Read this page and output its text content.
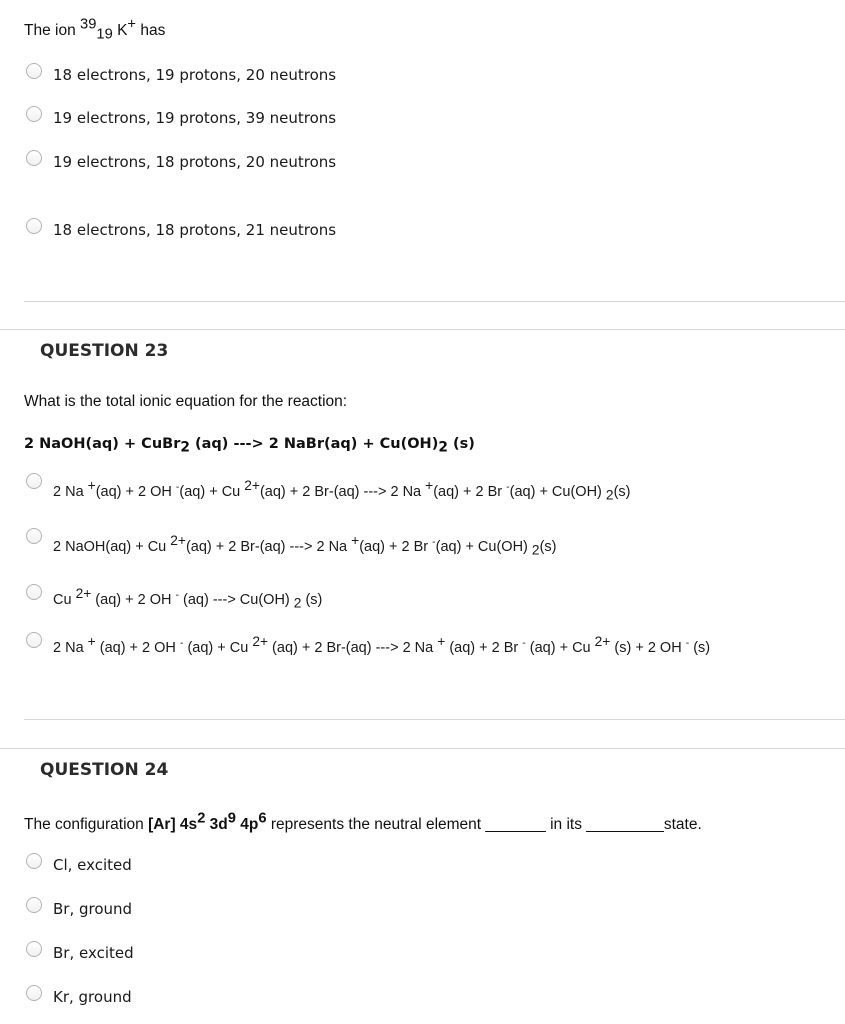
The ion $^{39}_{19}$ K+ has
18 electrons, 19 protons, 20 neutrons
19 electrons, 19 protons, 39 neutrons
19 electrons, 18 protons, 20 neutrons
18 electrons, 18 protons, 21 neutrons
QUESTION 23
What is the total ionic equation for the reaction:
2 NaOH(aq) + CuBr$_2$ (aq) ---> 2 NaBr(aq) + $Cu(OH)_2$ (s)
2 Na +(aq) + 2 OH -(aq) + Cu $^{2+}$(aq) + 2 Br-(aq) ---> 2 Na +(aq) + 2 Br -(aq) + Cu(OH) $_2$(s)
2 NaOH(aq) + Cu $^{2+}$(aq) + 2 Br-(aq) ---> 2 Na +(aq) + 2 Br -(aq) + Cu(OH) $_2$(s)
Cu $^{2+}$ (aq) + 2 OH - (aq) ---> Cu(OH) $_2$ (s)
2 Na + (aq) + 2 OH - (aq) + Cu $^{2+}$ (aq) + 2 Br-(aq) ---> 2 Na + (aq) + 2 Br - (aq) + Cu $^{2+}$ (s) + 2 OH - (s)
QUESTION 24
The configuration [Ar] $4s^2$ $3d^9$ $4p^6$ represents the neutral element _______ in its _________state.
Cl, excited
Br, ground
Br, excited
Kr, ground
